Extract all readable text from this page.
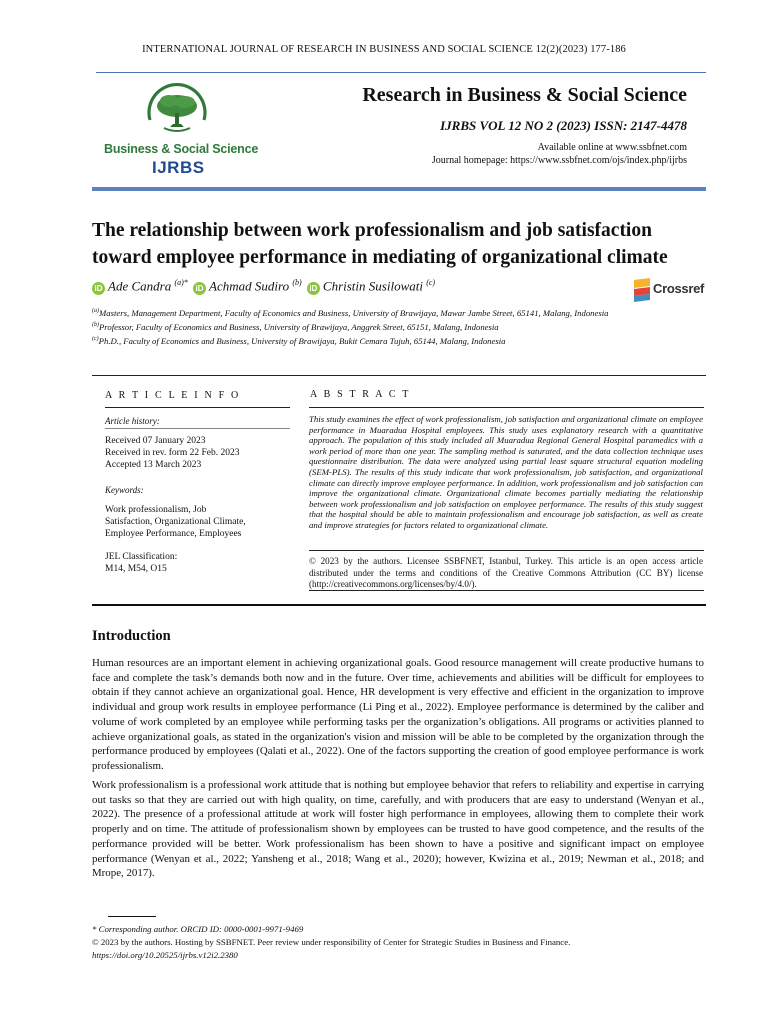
INTERNATIONAL JOURNAL OF RESEARCH IN BUSINESS AND SOCIAL SCIENCE 12(2)(2023) 177-186
Business & Social Science
IJRBS
Research in Business & Social Science
IJRBS VOL 12 NO 2 (2023) ISSN: 2147-4478
Available online at www.ssbfnet.com
Journal homepage: https://www.ssbfnet.com/ojs/index.php/ijrbs
The relationship between work professionalism and job satisfaction toward employee performance in mediating of organizational climate
iD Ade Candra $^{(a)*}$ iD Achmad Sudiro $^{(b)}$ iD Christin Susilowati $^{(c)}$	Crossref
$^{(a)}$Masters, Management Department, Faculty of Economics and Business, University of Brawijaya, Mawar Jambe Street, 65141, Malang, Indonesia
$^{(b)}$Professor, Faculty of Economics and Business, University of Brawijaya, Anggrek Street, 65151, Malang, Indonesia
$^{(c)}$Ph.D., Faculty of Economics and Business, University of Brawijaya, Bukit Cemara Tujuh, 65144, Malang, Indonesia
A R T I C L E I N F O	A B S T R A C T
Article history:
Received 07 January 2023
Received in rev. form 22 Feb. 2023
Accepted 13 March 2023
Keywords:
Work professionalism, Job
Satisfaction, Organizational Climate,
Employee Performance, Employees
JEL Classification:
M14, M54, O15
This study examines the effect of work professionalism, job satisfaction and organizational climate on employee performance in Muaradua Hospital employees. This study uses explanatory research with a quantitative approach. The population of this study included all Muaradua Regional General Hospital paramedics with a work period of more than one year. The sampling method is saturated, and the data collection technique uses questionnaire distribution. The data were analyzed using partial least square structural equation modeling (SEM-PLS). The results of this study indicate that work professionalism, job satisfaction, and organizational climate can directly improve employee performance. In addition, work professionalism and job satisfaction can improve the organizational climate. Organizational climate becomes partially mediating the relationship between work professionalism and job satisfaction on employee performance. The results of this study suggest that the hospital should be able to maintain professionalism and encourage job satisfaction, as well as create and improve strategies for factors related to organizational climate.
© 2023 by the authors. Licensee SSBFNET, Istanbul, Turkey. This article is an open access article distributed under the terms and conditions of the Creative Commons Attribution (CC BY) license (http://creativecommons.org/licenses/by/4.0/).
Introduction
Human resources are an important element in achieving organizational goals. Good resource management will create productive humans to face and complete the task’s demands both now and in the future. Over time, achievements and abilities will be difficult for employees to obtain if they cannot achieve an organizational goal. Hence, HR development is very effective and efficient in the organization to improve individual and group work results in employee performance (Li Ping et al., 2022). Employee performance is determined by the caliber and volume of work completed by an employee while performing tasks per the organization’s obligations. All programs or activities planned to achieve organizational goals, as stated in the organization's vision and mission will be able to be completed by the organization through the performance produced by employees (Qalati et al., 2022). One of the factors supporting the creation of good employee performance is work professionalism.
Work professionalism is a professional work attitude that is nothing but employee behavior that refers to reliability and expertise in carrying out tasks so that they are carried out with high quality, on time, carefully, and with producers that are easy to understand (Wenyan et al., 2022). The presence of a professional attitude at work will foster high performance in employees, allowing them to complete their work properly and on time. The attitude of professionalism shown by employees can be trusted to have good competence, and the results of the performance provided will be better. Work professionalism has been shown to have a positive and significant impact on employee performance (Wenyan et al., 2022; Yansheng et al., 2018; Wang et al., 2020); however, Kwizina et al., 2019; Newman et al., 2018; and Mrope, 2017).
* Corresponding author. ORCID ID: 0000-0001-9971-9469
© 2023 by the authors. Hosting by SSBFNET. Peer review under responsibility of Center for Strategic Studies in Business and Finance.
https://doi.org/10.20525/ijrbs.v12i2.2380
